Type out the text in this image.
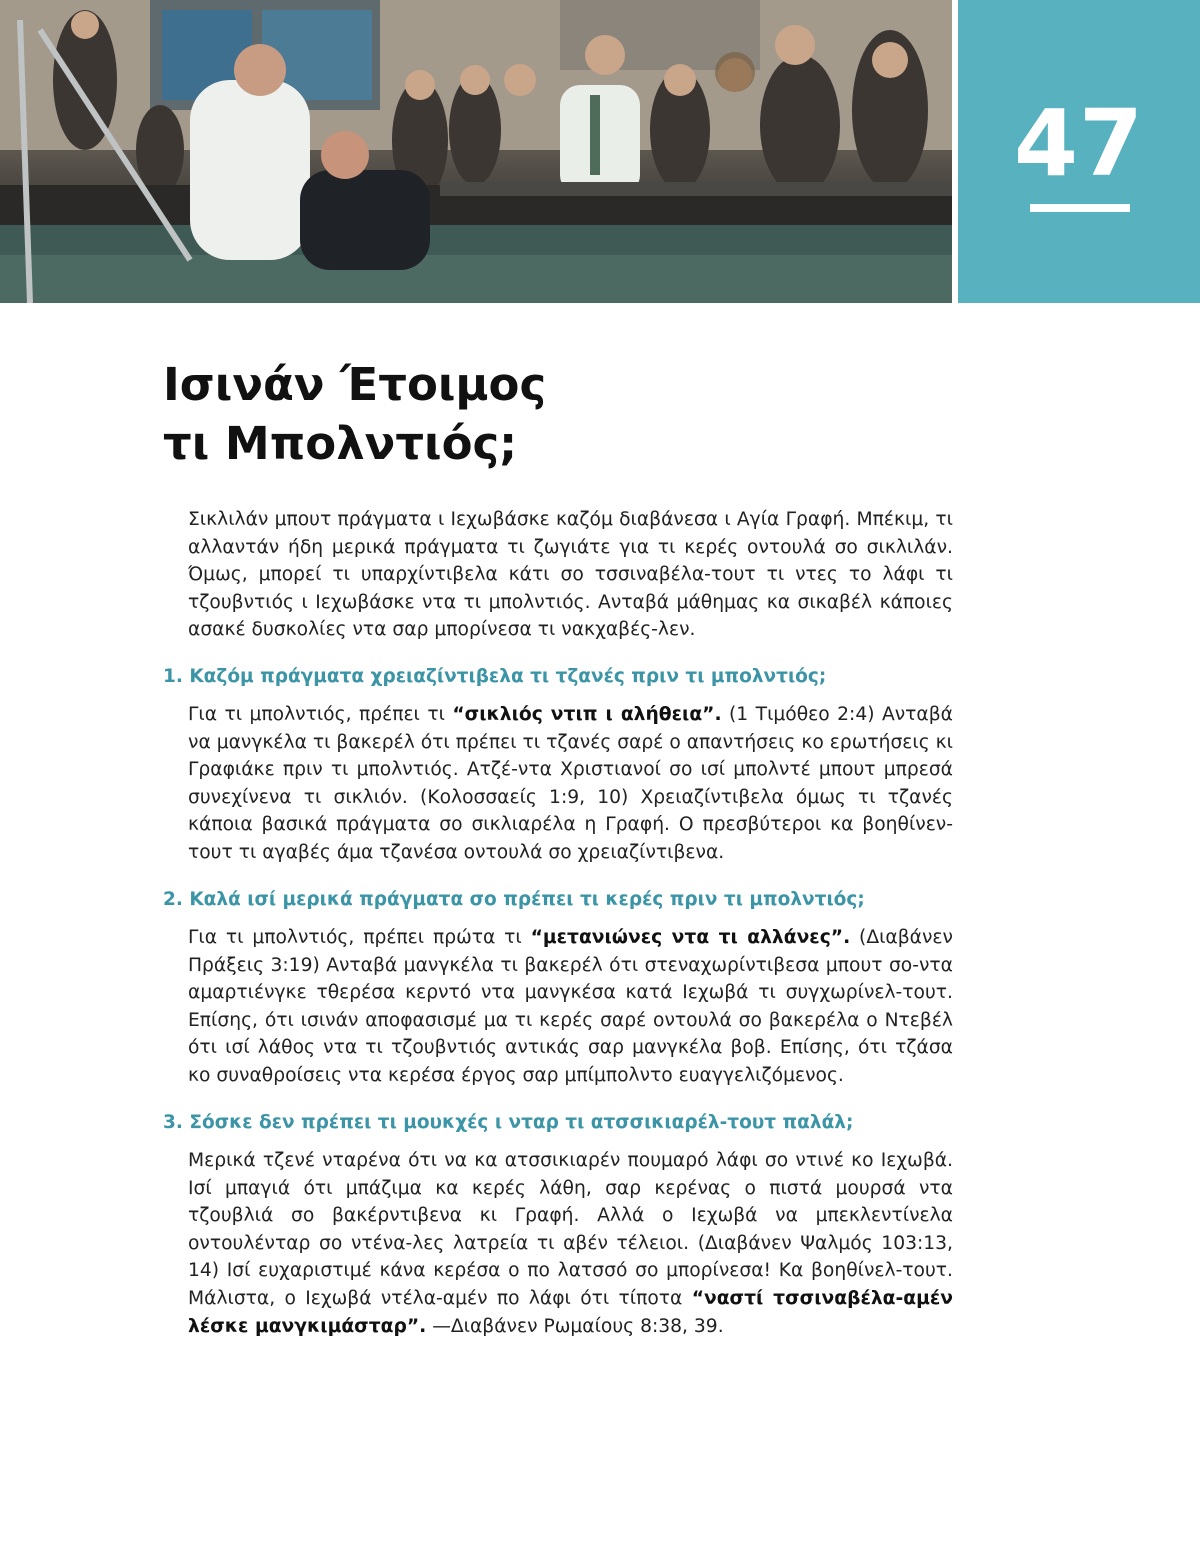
47
Ισινάν Έτοιμος
τι Μπολντιός;

Σικλιλάν μπουτ πράγματα ι Ιεχωβάσκε καζόμ διαβάνεσα ι Αγία Γραφή. Μπέκιμ, τι αλλαντάν ήδη μερικά πράγματα τι ζωγιάτε για τι κερές οντουλά σο σικλιλάν. Όμως, μπορεί τι υπαρχίντιβελα κάτι σο τσσιναβέλα-τουτ τι ντες το λάφι τι τζουβντιός ι Ιεχωβάσκε ντα τι μπολντιός. Ανταβά μάθημας κα σικαβέλ κάποιες ασακέ δυσκολίες ντα σαρ μπορίνεσα τι νακχαβές-λεν.

1. Καζόμ πράγματα χρειαζίντιβελα τι τζανές πριν τι μπολντιός;

Για τι μπολντιός, πρέπει τι “σικλιός ντιπ ι αλήθεια”. (1 Τιμόθεο 2:4) Ανταβά να μανγκέλα τι βακερέλ ότι πρέπει τι τζανές σαρέ ο απαντήσεις κο ερωτήσεις κι Γραφιάκε πριν τι μπολντιός. Ατζέ-ντα Χριστιανοί σο ισί μπολντέ μπουτ μπρεσά συνεχίνενα τι σικλιόν. (Κολοσσαείς 1:9, 10) Χρειαζίντιβελα όμως τι τζανές κάποια βασικά πράγματα σο σικλιαρέλα η Γραφή. Ο πρεσβύτεροι κα βοηθίνεν-τουτ τι αγαβές άμα τζανέσα οντουλά σο χρειαζίντιβενα.

2. Καλά ισί μερικά πράγματα σο πρέπει τι κερές πριν τι μπολντιός;

Για τι μπολντιός, πρέπει πρώτα τι “μετανιώνες ντα τι αλλάνες”. (Διαβάνεν Πράξεις 3:19) Ανταβά μανγκέλα τι βακερέλ ότι στεναχωρίντιβεσα μπουτ σο-ντα αμαρτιένγκε τθερέσα κερντό ντα μανγκέσα κατά Ιεχωβά τι συγχωρίνελ-τουτ. Επίσης, ότι ισινάν αποφασισμέ μα τι κερές σαρέ οντουλά σο βακερέλα ο Ντεβέλ ότι ισί λάθος ντα τι τζουβντιός αντικάς σαρ μανγκέλα βοβ. Επίσης, ότι τζάσα κο συναθροίσεις ντα κερέσα έργος σαρ μπίμπολντο ευαγγελιζόμενος.

3. Σόσκε δεν πρέπει τι μουκχές ι νταρ τι ατσσικιαρέλ-τουτ παλάλ;

Μερικά τζενέ νταρένα ότι να κα ατσσικιαρέν πουμαρό λάφι σο ντινέ κο Ιεχωβά. Ισί μπαγιά ότι μπάζιμα κα κερές λάθη, σαρ κερένας ο πιστά μουρσά ντα τζουβλιά σο βακέρντιβενα κι Γραφή. Αλλά ο Ιεχωβά να μπεκλεντίνελα οντουλένταρ σο ντένα-λες λατρεία τι αβέν τέλειοι. (Διαβάνεν Ψαλμός 103:13, 14) Ισί ευχαριστιμέ κάνα κερέσα ο πο λατσσό σο μπορίνεσα! Κα βοηθίνελ-τουτ. Μάλιστα, ο Ιεχωβά ντέλα-αμέν πο λάφι ότι τίποτα “ναστί τσσιναβέλα-αμέν λέσκε μανγκιμάσταρ”. —Διαβάνεν Ρωμαίους 8:38, 39.
